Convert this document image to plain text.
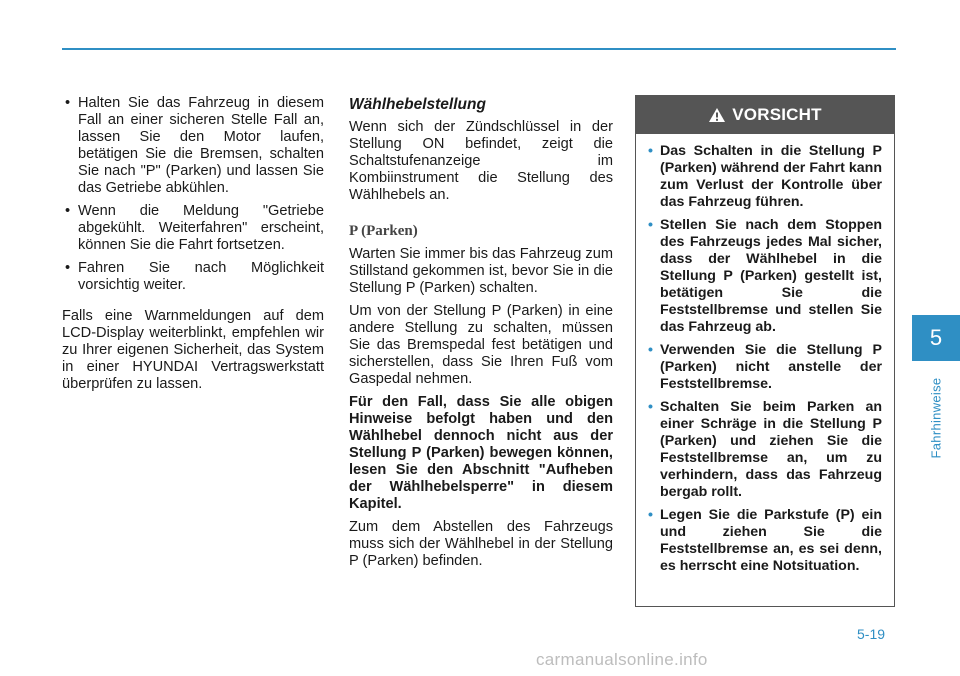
• Halten Sie das Fahrzeug in diesem Fall an einer sicheren Stelle Fall an, lassen Sie den Motor laufen, betätigen Sie die Bremsen, schalten Sie nach "P" (Parken) und lassen Sie das Getriebe abkühlen.
• Wenn die Meldung "Getriebe abgekühlt. Weiterfahren" erscheint, können Sie die Fahrt fortsetzen.
• Fahren Sie nach Möglichkeit vorsichtig weiter.

Falls eine Warnmeldungen auf dem LCD-Display weiterblinkt, empfehlen wir zu Ihrer eigenen Sicherheit, das System in einer HYUNDAI Vertragswerkstatt überprüfen zu lassen.

Wählhebelstellung

Wenn sich der Zündschlüssel in der Stellung ON befindet, zeigt die Schaltstufenanzeige im Kombiinstrument die Stellung des Wählhebels an.

P (Parken)

Warten Sie immer bis das Fahrzeug zum Stillstand gekommen ist, bevor Sie in die Stellung P (Parken) schalten.

Um von der Stellung P (Parken) in eine andere Stellung zu schalten, müssen Sie das Bremspedal fest betätigen und sicherstellen, dass Sie Ihren Fuß vom Gaspedal nehmen.

Für den Fall, dass Sie alle obigen Hinweise befolgt haben und den Wählhebel dennoch nicht aus der Stellung P (Parken) bewegen können, lesen Sie den Abschnitt "Aufheben der Wählhebelsperre" in diesem Kapitel.

Zum dem Abstellen des Fahrzeugs muss sich der Wählhebel in der Stellung P (Parken) befinden.

VORSICHT
• Das Schalten in die Stellung P (Parken) während der Fahrt kann zum Verlust der Kontrolle über das Fahrzeug führen.
• Stellen Sie nach dem Stoppen des Fahrzeugs jedes Mal sicher, dass der Wählhebel in die Stellung P (Parken) gestellt ist, betätigen Sie die Feststellbremse und stellen Sie das Fahrzeug ab.
• Verwenden Sie die Stellung P (Parken) nicht anstelle der Feststellbremse.
• Schalten Sie beim Parken an einer Schräge in die Stellung P (Parken) und ziehen Sie die Feststellbremse an, um zu verhindern, dass das Fahrzeug bergab rollt.
• Legen Sie die Parkstufe (P) ein und ziehen Sie die Feststellbremse an, es sei denn, es herrscht eine Notsituation.
5
Fahrhinweise
5-19
carmanualsonline.info
